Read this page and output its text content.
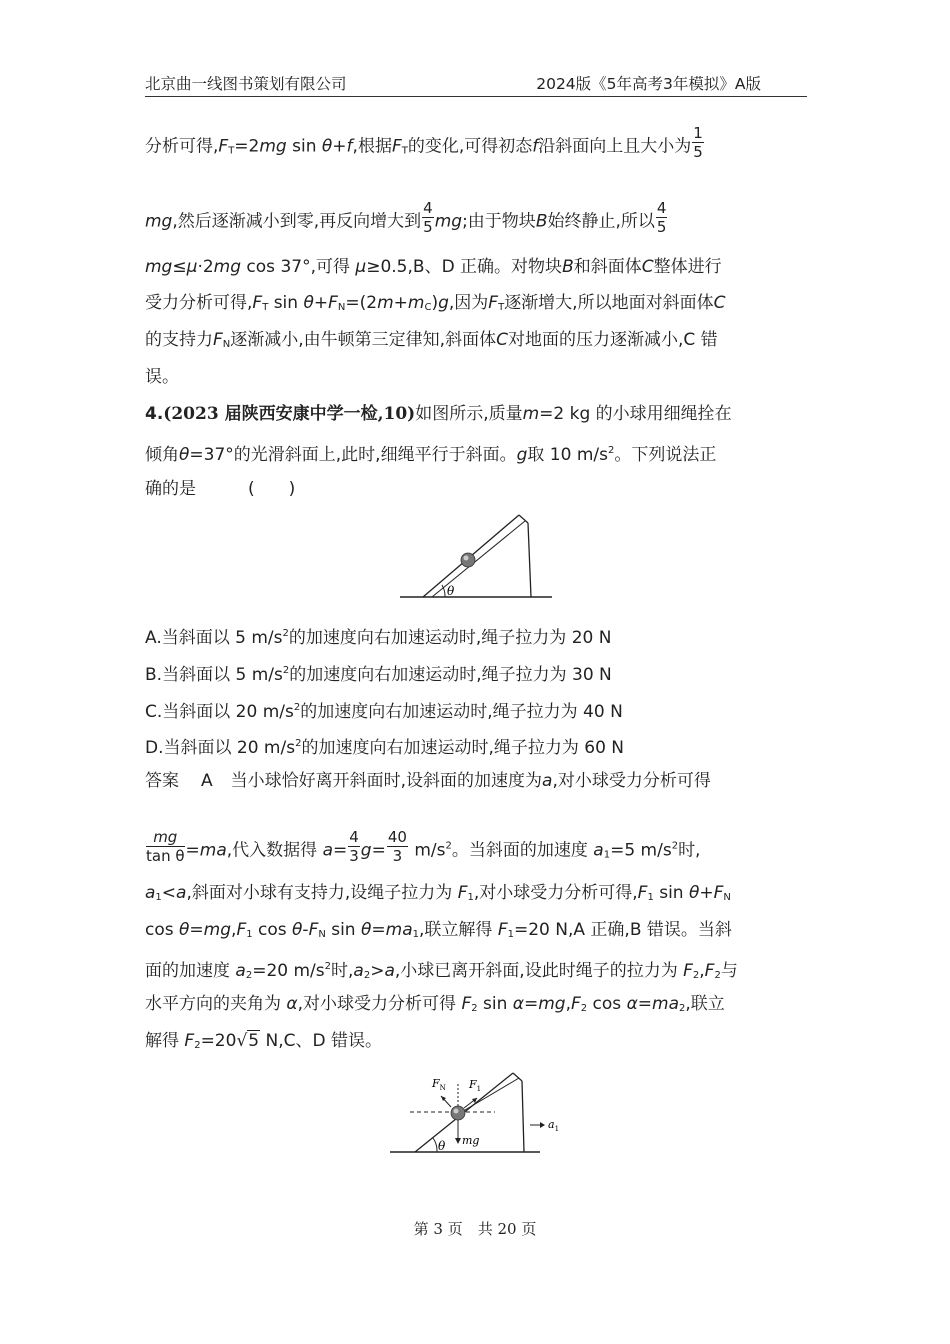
北京曲一线图书策划有限公司	2024版《5年高考3年模拟》A版
分析可得$,F_T=2mg$ sin θ+f,根据$F_T$的变化,可得初态f沿斜面向上且大小为 $\frac{1}{5}$
mg,然后逐渐减小到零,再反向增大到 $\frac{4}{5}$ mg;由于物块B始终静止,所以 $\frac{4}{5}$
mg≤μ·2mg cos 37°,可得 μ≥0.5,B、D 正确。对物块B和斜面体C整体进行
受力分析可得$,F_T$ $\sin \theta+F_N=(2m+m_C)g$,因为$F_T$逐渐增大,所以地面对斜面体C
的支持力$F_N$逐渐减小,由牛顿第三定律知,斜面体C对地面的压力逐渐减小,C 错
误。
4.(2023 届陕西安康中学一检,10)如图所示,质量m=2 kg 的小球用细绳拴在
倾角θ=37°的光滑斜面上,此时,细绳平行于斜面。g取 10 $m/s^2$。下列说法正
确的是	(　　)
θ
A.当斜面以 5 $m/s^2$的加速度向右加速运动时,绳子拉力为 20 N
B.当斜面以 5 $m/s^2$的加速度向右加速运动时,绳子拉力为 30 N
C.当斜面以 20 $m/s^2$的加速度向右加速运动时,绳子拉力为 40 N
D.当斜面以 20 $m/s^2$的加速度向右加速运动时,绳子拉力为 60 N
答案 A 当小球恰好离开斜面时,设斜面的加速度为a,对小球受力分析可得
$\frac{mg}{\text{tan θ}} =ma$,代入数据得 $a= \frac{4}{3} g= \frac{40}{3} m/s^2$。当斜面的加速度 $a_1=5$ $m/s^2$时,
$a_1<a$,斜面对小球有支持力,设绳子拉力为 $F_1$,对小球受力分析可得$,F_1$ $\sin \theta+F_N$
$\cos \theta=mg,F_1$ $\cos \theta-F_N$ $\sin \theta=ma_1$,联立解得 $F_1=20$ N,A 正确,B 错误。当斜
面的加速度 $a_2=20$ $m/s^2$时$,a_2>a$,小球已离开斜面,设此时绳子的拉力为 $F_2,F_2$与
水平方向的夹角为 α,对小球受力分析可得 $F_2$ $\sin \alpha=mg,F_2$ $\cos \alpha=ma_2$,联立
解得 $F_2=20√5$ N,C、D 错误。
θ
$F_N$ $F_1$
mg
$a_1$
第 3 页　共 20 页
